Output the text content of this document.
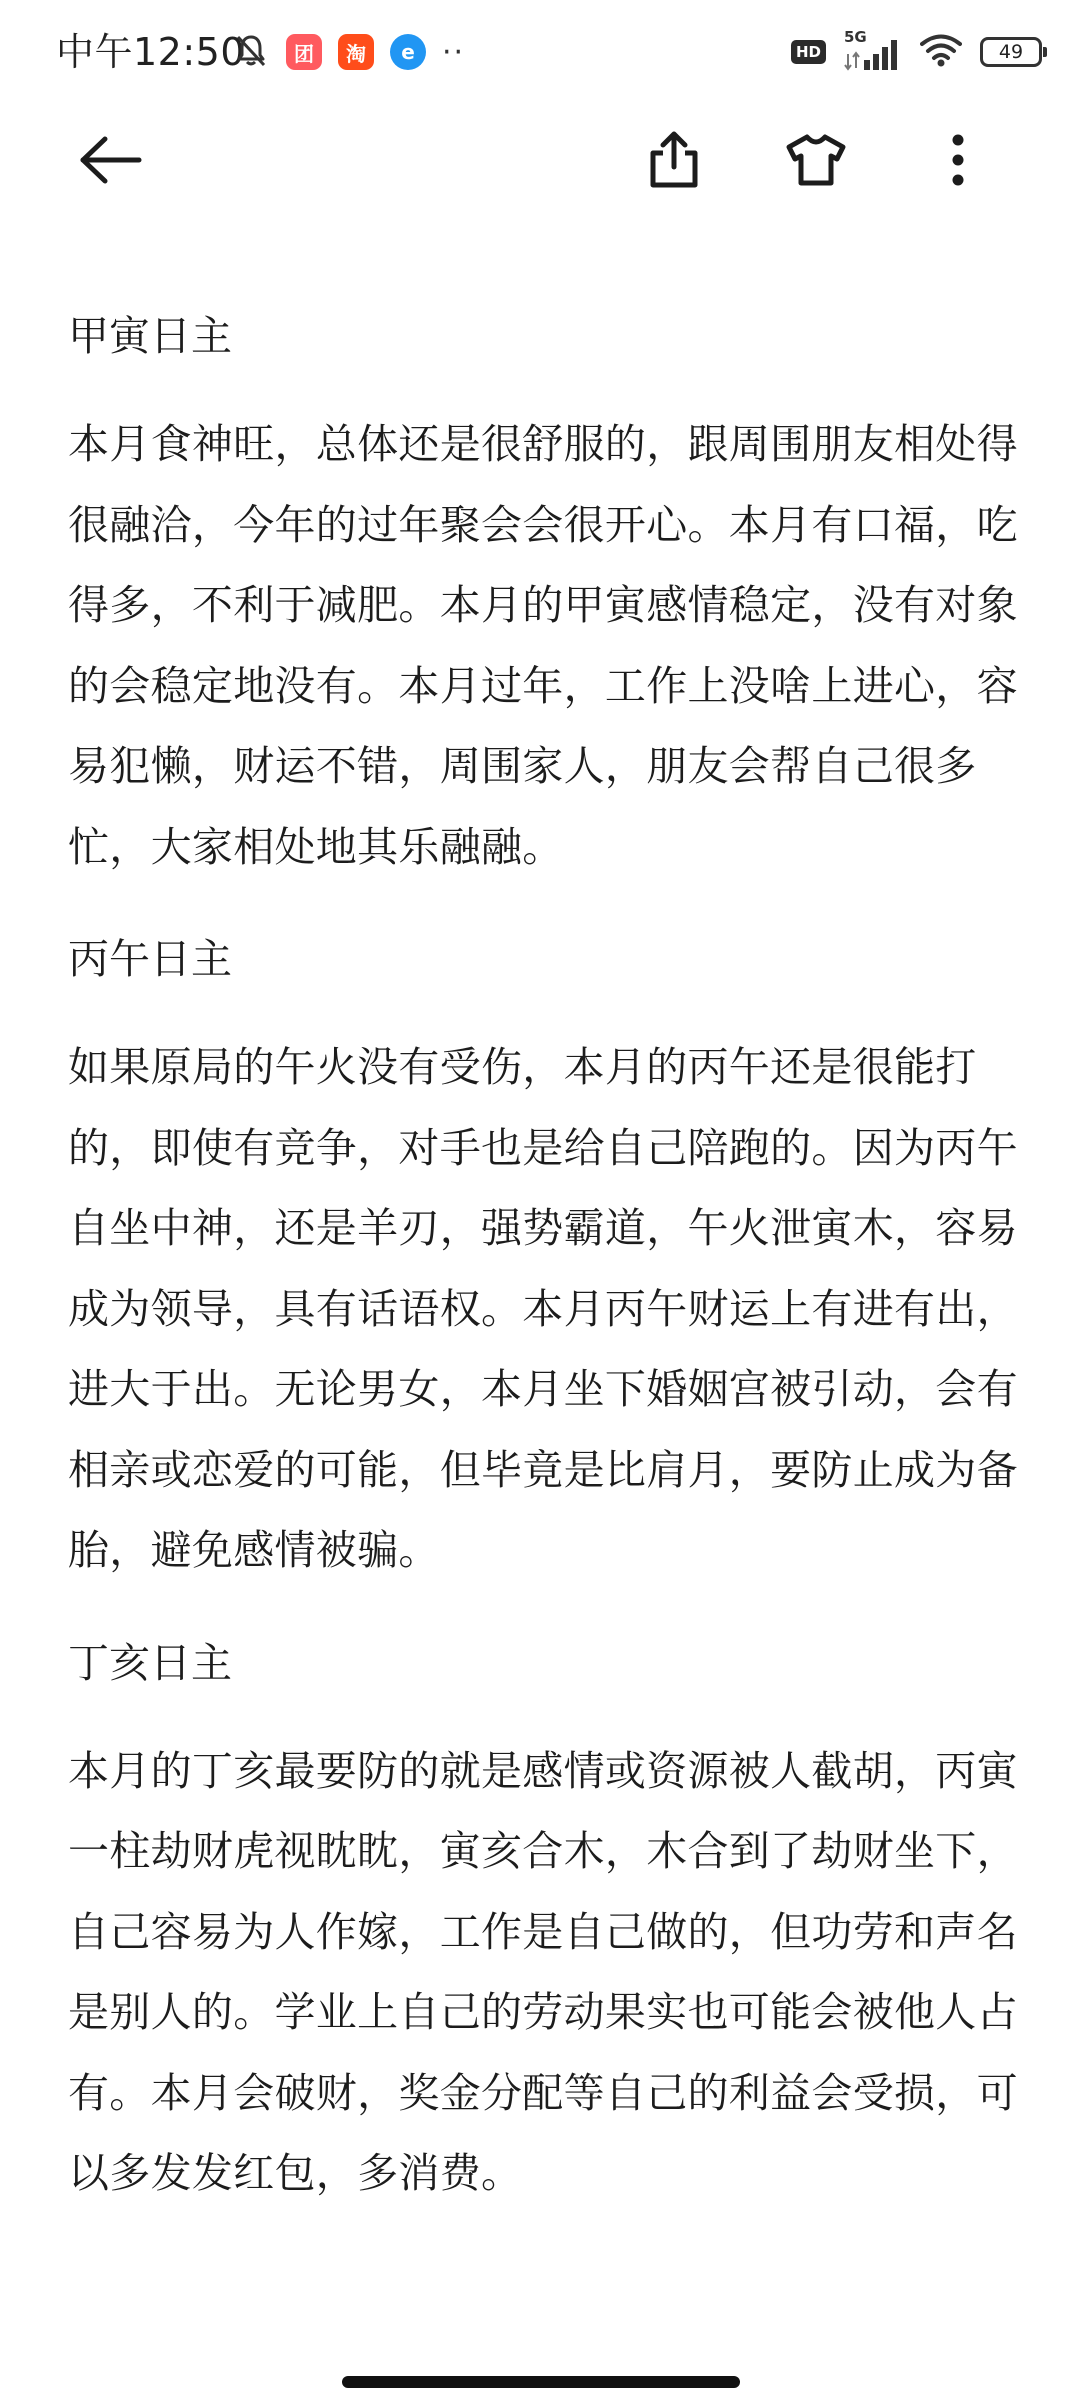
中午12:50 团 淘 e ··	HD
5G
49
甲寅日主

本月食神旺，总体还是很舒服的，跟周围朋友相处得很融洽，今年的过年聚会会很开心。本月有口福，吃得多，不利于减肥。本月的甲寅感情稳定，没有对象的会稳定地没有。本月过年，工作上没啥上进心，容易犯懒，财运不错，周围家人，朋友会帮自己很多忙，大家相处地其乐融融。

丙午日主

如果原局的午火没有受伤，本月的丙午还是很能打的，即使有竞争，对手也是给自己陪跑的。因为丙午自坐中神，还是羊刃，强势霸道，午火泄寅木，容易成为领导，具有话语权。本月丙午财运上有进有出，进大于出。无论男女，本月坐下婚姻宫被引动，会有相亲或恋爱的可能，但毕竟是比肩月，要防止成为备胎，避免感情被骗。

丁亥日主

本月的丁亥最要防的就是感情或资源被人截胡，丙寅一柱劫财虎视眈眈，寅亥合木，木合到了劫财坐下，自己容易为人作嫁，工作是自己做的，但功劳和声名是别人的。学业上自己的劳动果实也可能会被他人占有。本月会破财，奖金分配等自己的利益会受损，可以多发发红包，多消费。
